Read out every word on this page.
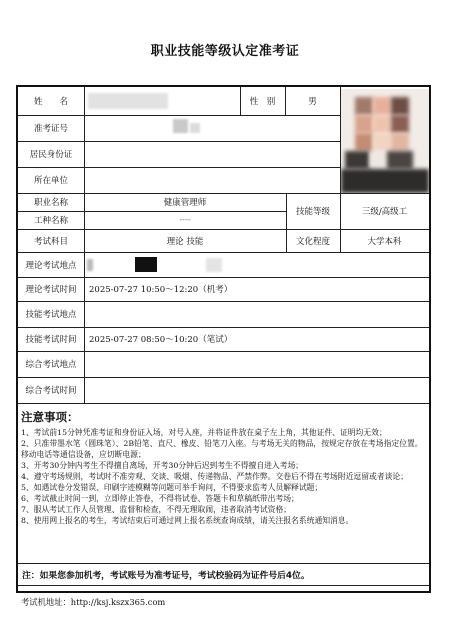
职业技能等级认定准考证
姓　　名	性　别	男
准考证号
居民身份证
所在单位
职业名称	健康管理师
工种名称	----
技能等级	三级/高级工
考试科目	理论 技能	文化程度	大学本科
理论考试地点
理论考试时间	2025-07-27 10:50～12:20（机考）
技能考试地点
技能考试时间	2025-07-27 08:50～10:20（笔试）
综合考试地点
综合考试时间
注意事项：

1、考试前15分钟凭准考证和身份证入场，对号入座，并将证件放在桌子左上角，其他证件、证明均无效；

2、只准带墨水笔（圆珠笔）、2B铅笔、直尺、橡皮、铅笔刀入座。与考场无关的物品，按规定存放在考场指定位置。移动电话等通信设备，应切断电源；

3、开考30分钟内考生不得擅自离场，开考30分钟后迟到考生不得擅自进入考场；

4、遵守考场规则，考试时不准旁观、交谈、吸烟、传递物品、严禁作弊。交卷后不得在考场附近逗留或者谈论；

5、如遇试卷分发错误、印刷字迹模糊等问题可举手询问，不得要求监考人员解释试题；

6、考试截止时间一到，立即停止答卷，不得将试卷、答题卡和草稿纸带出考场；

7、服从考试工作人员管理、监督和检查，不得无理取闹，违者取消考试资格；

8、使用网上报名的考生，考试结束后可通过网上报名系统查询成绩，请关注报名系统通知消息。

注：如果您参加机考，考试账号为准考证号，考试校验码为证件号后4位。
考试机地址：http://ksj.kszx365.com
